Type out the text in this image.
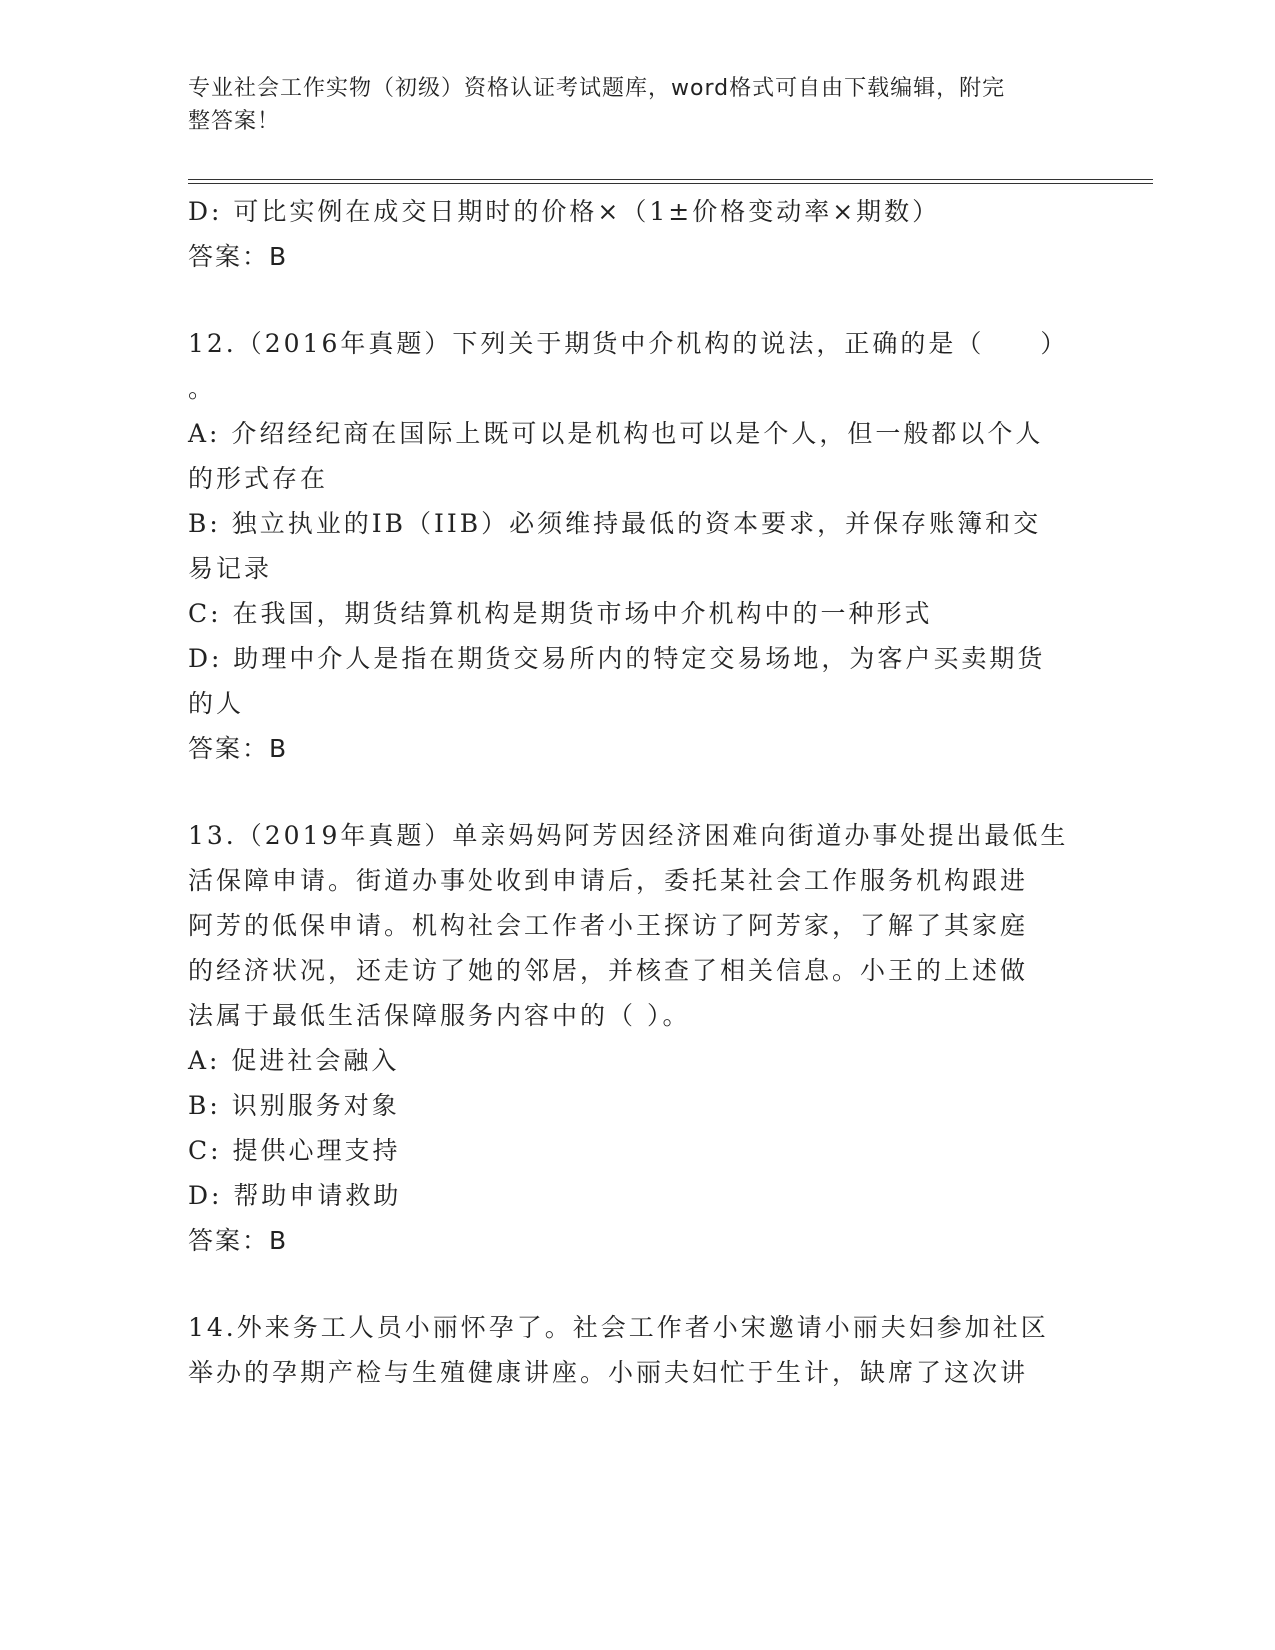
专业社会工作实物（初级）资格认证考试题库，word格式可自由下载编辑，附完
整答案！
D: 可比实例在成交日期时的价格×（1±价格变动率×期数）
答案：B
12.（2016年真题）下列关于期货中介机构的说法，正确的是（　　）
。
A: 介绍经纪商在国际上既可以是机构也可以是个人，但一般都以个人
的形式存在
B: 独立执业的IB（IIB）必须维持最低的资本要求，并保存账簿和交
易记录
C: 在我国，期货结算机构是期货市场中介机构中的一种形式
D: 助理中介人是指在期货交易所内的特定交易场地，为客户买卖期货
的人
答案：B
13.（2019年真题）单亲妈妈阿芳因经济困难向街道办事处提出最低生
活保障申请。街道办事处收到申请后，委托某社会工作服务机构跟进
阿芳的低保申请。机构社会工作者小王探访了阿芳家，了解了其家庭
的经济状况，还走访了她的邻居，并核查了相关信息。小王的上述做
法属于最低生活保障服务内容中的（ ）。
A: 促进社会融入
B: 识别服务对象
C: 提供心理支持
D: 帮助申请救助
答案：B
14.外来务工人员小丽怀孕了。社会工作者小宋邀请小丽夫妇参加社区
举办的孕期产检与生殖健康讲座。小丽夫妇忙于生计，缺席了这次讲
